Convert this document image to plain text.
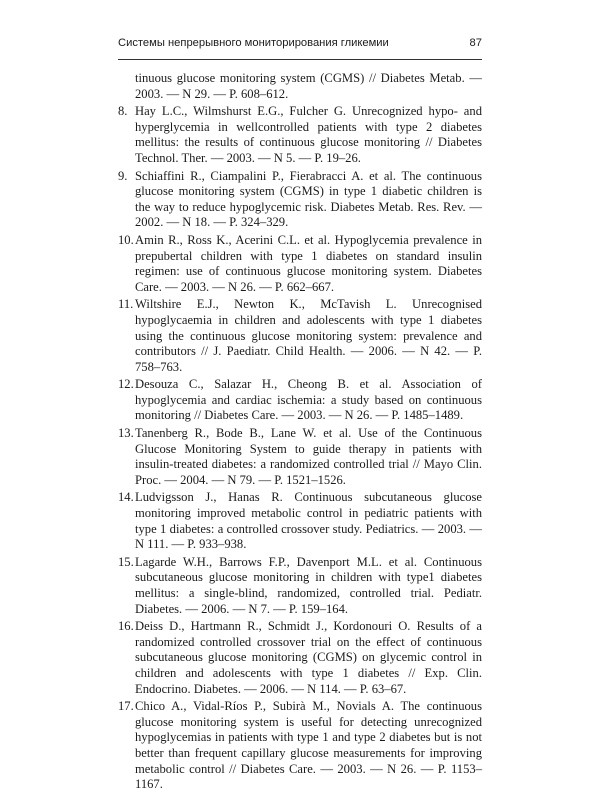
Системы непрерывного мониторирования гликемии	87
tinuous glucose monitoring system (CGMS) // Diabetes Metab. — 2003. — N 29. — P. 608–612.
8. Hay L.C., Wilmshurst E.G., Fulcher G. Unrecognized hypo- and hyperglycemia in wellcontrolled patients with type 2 diabetes mellitus: the results of continuous glucose monitoring // Diabetes Technol. Ther. — 2003. — N 5. — P. 19–26.
9. Schiaffini R., Ciampalini P., Fierabracci A. et al. The continuous glucose monitoring system (CGMS) in type 1 diabetic children is the way to reduce hypoglycemic risk. Diabetes Metab. Res. Rev. — 2002. — N 18. — P. 324–329.
10. Amin R., Ross K., Acerini C.L. et al. Hypoglycemia prevalence in prepubertal children with type 1 diabetes on standard insulin regimen: use of continuous glucose monitoring system. Diabetes Care. — 2003. — N 26. — P. 662–667.
11. Wiltshire E.J., Newton K., McTavish L. Unrecognised hypoglycaemia in children and adolescents with type 1 diabetes using the continuous glucose monitoring system: prevalence and contributors // J. Paediatr. Child Health. — 2006. — N 42. — P. 758–763.
12. Desouza C., Salazar H., Cheong B. et al. Association of hypoglycemia and cardiac ischemia: a study based on continuous monitoring // Diabetes Care. — 2003. — N 26. — P. 1485–1489.
13. Tanenberg R., Bode B., Lane W. et al. Use of the Continuous Glucose Monitoring System to guide therapy in patients with insulin-treated diabetes: a randomized controlled trial // Mayo Clin. Proc. — 2004. — N 79. — P. 1521–1526.
14. Ludvigsson J., Hanas R. Continuous subcutaneous glucose monitoring improved metabolic control in pediatric patients with type 1 diabetes: a controlled crossover study. Pediatrics. — 2003. — N 111. — P. 933–938.
15. Lagarde W.H., Barrows F.P., Davenport M.L. et al. Continuous subcutaneous glucose monitoring in children with type1 diabetes mellitus: a single-blind, randomized, controlled trial. Pediatr. Diabetes. — 2006. — N 7. — P. 159–164.
16. Deiss D., Hartmann R., Schmidt J., Kordonouri O. Results of a randomized controlled crossover trial on the effect of continuous subcutaneous glucose monitoring (CGMS) on glycemic control in children and adolescents with type 1 diabetes // Exp. Clin. Endocrino. Diabetes. — 2006. — N 114. — P. 63–67.
17. Chico A., Vidal-Ríos P., Subirà M., Novials A. The continuous glucose monitoring system is useful for detecting unrecognized hypoglycemias in patients with type 1 and type 2 diabetes but is not better than frequent capillary glucose measurements for improving metabolic control // Diabetes Care. — 2003. — N 26. — P. 1153–1167.
